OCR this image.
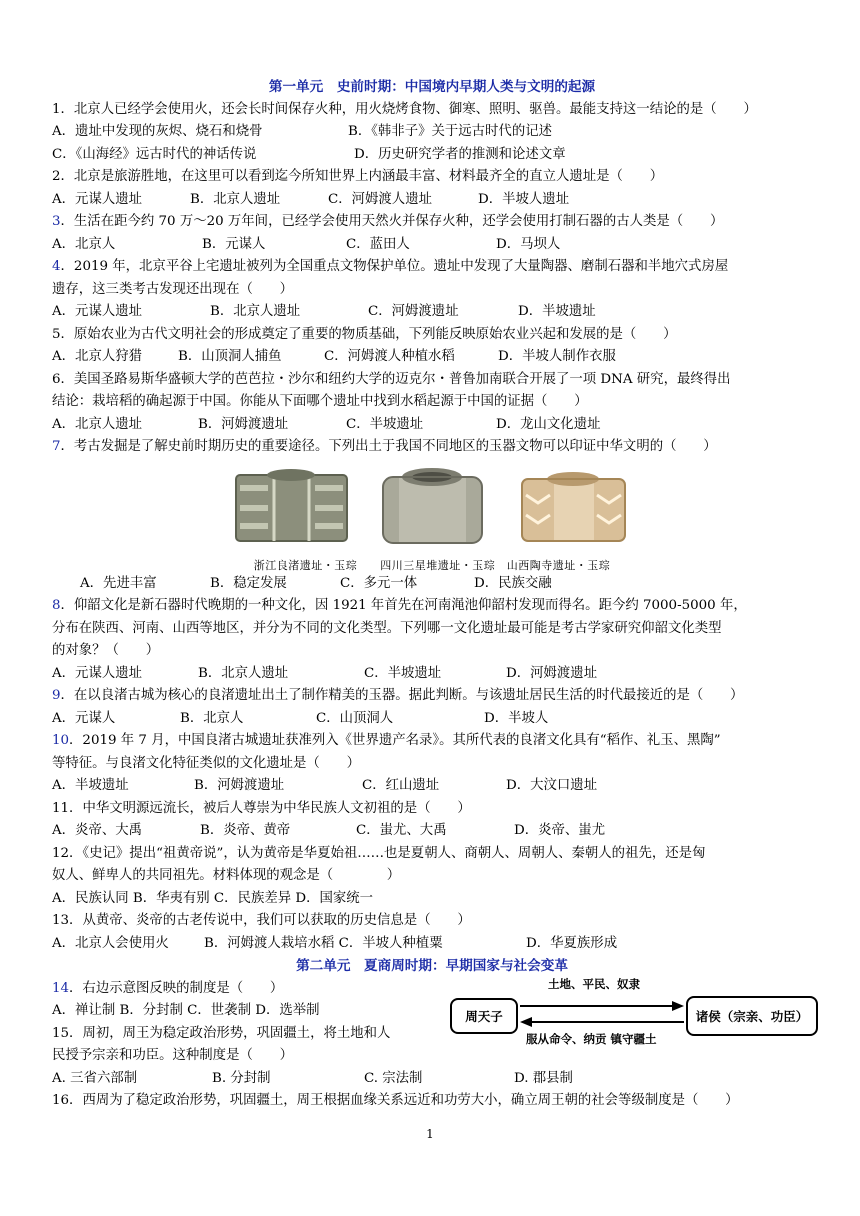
第一单元　史前时期：中国境内早期人类与文明的起源
1．北京人已经学会使用火，还会长时间保存火种，用火烧烤食物、御寒、照明、驱兽。最能支持这一结论的是（　　）
A．遗址中发现的灰烬、烧石和烧骨	B．《韩非子》关于远古时代的记述
C．《山海经》远古时代的神话传说	D．历史研究学者的推测和论述文章
2．北京是旅游胜地，在这里可以看到迄今所知世界上内涵最丰富、材料最齐全的直立人遗址是（　　）
A．元谋人遗址	B．北京人遗址	C．河姆渡人遗址	D．半坡人遗址
3．生活在距今约 70 万～20 万年间，已经学会使用天然火并保存火种，还学会使用打制石器的古人类是（　　）
A．北京人	B．元谋人	C．蓝田人	D．马坝人
4．2019 年，北京平谷上宅遗址被列为全国重点文物保护单位。遗址中发现了大量陶器、磨制石器和半地穴式房屋
遗存，这三类考古发现还出现在（　　）
A．元谋人遗址	B．北京人遗址	C．河姆渡遗址	D．半坡遗址
5．原始农业为古代文明社会的形成奠定了重要的物质基础，下列能反映原始农业兴起和发展的是（　　）
A．北京人狩猎	B．山顶洞人捕鱼	C．河姆渡人种植水稻	D．半坡人制作衣服
6．美国圣路易斯华盛顿大学的芭芭拉・沙尔和纽约大学的迈克尔・普鲁加南联合开展了一项 DNA 研究，最终得出
结论：栽培稻的确起源于中国。你能从下面哪个遗址中找到水稻起源于中国的证据（　　）
A．北京人遗址	B．河姆渡遗址	C．半坡遗址	D．龙山文化遗址
7．考古发掘是了解史前时期历史的重要途径。下列出土于我国不同地区的玉器文物可以印证中华文明的（　　）
浙江良渚遗址・玉琮　　 四川三星堆遗址・玉琮　 山西陶寺遗址・玉琮
A．先进丰富	B．稳定发展	C．多元一体	D．民族交融
8．仰韶文化是新石器时代晚期的一种文化，因 1921 年首先在河南渑池仰韶村发现而得名。距今约 7000-5000 年，
分布在陕西、河南、山西等地区，并分为不同的文化类型。下列哪一文化遗址最可能是考古学家研究仰韶文化类型
的对象？（　　）
A．元谋人遗址	B．北京人遗址	C．半坡遗址	D．河姆渡遗址
9．在以良渚古城为核心的良渚遗址出土了制作精美的玉器。据此判断。与该遗址居民生活的时代最接近的是（　　）
A．元谋人	B．北京人	C．山顶洞人	D．半坡人
10．2019 年 7 月，中国良渚古城遗址获准列入《世界遗产名录》。其所代表的良渚文化具有“稻作、礼玉、黑陶”
等特征。与良渚文化特征类似的文化遗址是（　　）
A．半坡遗址	B．河姆渡遗址	C．红山遗址	D．大汶口遗址
11．中华文明源远流长，被后人尊崇为中华民族人文初祖的是（　　）
A．炎帝、大禹	B．炎帝、黄帝	C．蚩尤、大禹	D．炎帝、蚩尤
12．《史记》提出“祖黄帝说”，认为黄帝是华夏始祖……也是夏朝人、商朝人、周朝人、秦朝人的祖先，还是匈
奴人、鲜卑人的共同祖先。材料体现的观念是（　　　　）
A．民族认同 B．华夷有别 C．民族差异 D．国家统一
13．从黄帝、炎帝的古老传说中，我们可以获取的历史信息是（　　）
A．北京人会使用火	B．河姆渡人栽培水稻 C．半坡人种植粟	D．华夏族形成
第二单元　夏商周时期：早期国家与社会变革
14．右边示意图反映的制度是（　　）
A．禅让制 B．分封制 C．世袭制 D．选举制	周天子	诸侯（宗亲、功臣）
土地、平民、奴隶
服从命令、纳贡 镇守疆土
15．周初，周王为稳定政治形势，巩固疆土，将土地和人
民授予宗亲和功臣。这种制度是（　　）
A. 三省六部制	B. 分封制	C. 宗法制	D. 郡县制
16．西周为了稳定政治形势，巩固疆土，周王根据血缘关系远近和功劳大小，确立周王朝的社会等级制度是（　　）
1
